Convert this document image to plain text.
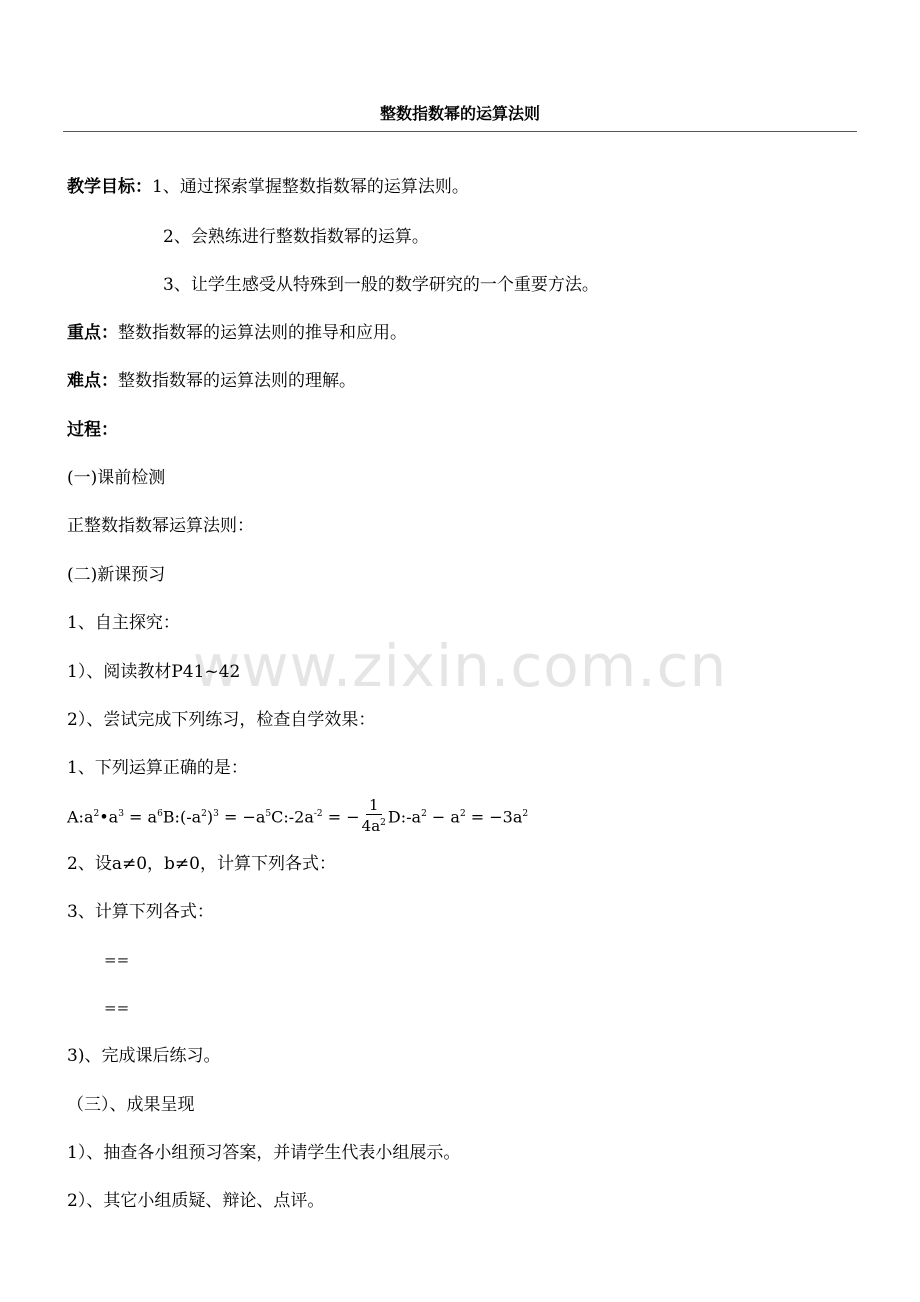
整数指数幂的运算法则
www.zixin.com.cn
教学目标：1、通过探索掌握整数指数幂的运算法则。
2、会熟练进行整数指数幂的运算。
3、让学生感受从特殊到一般的数学研究的一个重要方法。
重点：整数指数幂的运算法则的推导和应用。
难点：整数指数幂的运算法则的理解。
过程：
(一)课前检测
正整数指数幂运算法则：
(二)新课预习
1、自主探究：
1）、阅读教材P41~42
2）、尝试完成下列练习，检查自学效果：
1、下列运算正确的是：
$A:a^2•a^3 = a^6$ $B:(-a^2)^3 = -a^5$ $C:-2a^{-2}$ = − $\frac{1}{4a^2}$ $D:-a^2 - a^2 = -3a^2$
2、设a≠0，b≠0，计算下列各式：
3、计算下列各式：
==
==
3)、完成课后练习。
（三）、成果呈现
1）、抽查各小组预习答案，并请学生代表小组展示。
2）、其它小组质疑、辩论、点评。
